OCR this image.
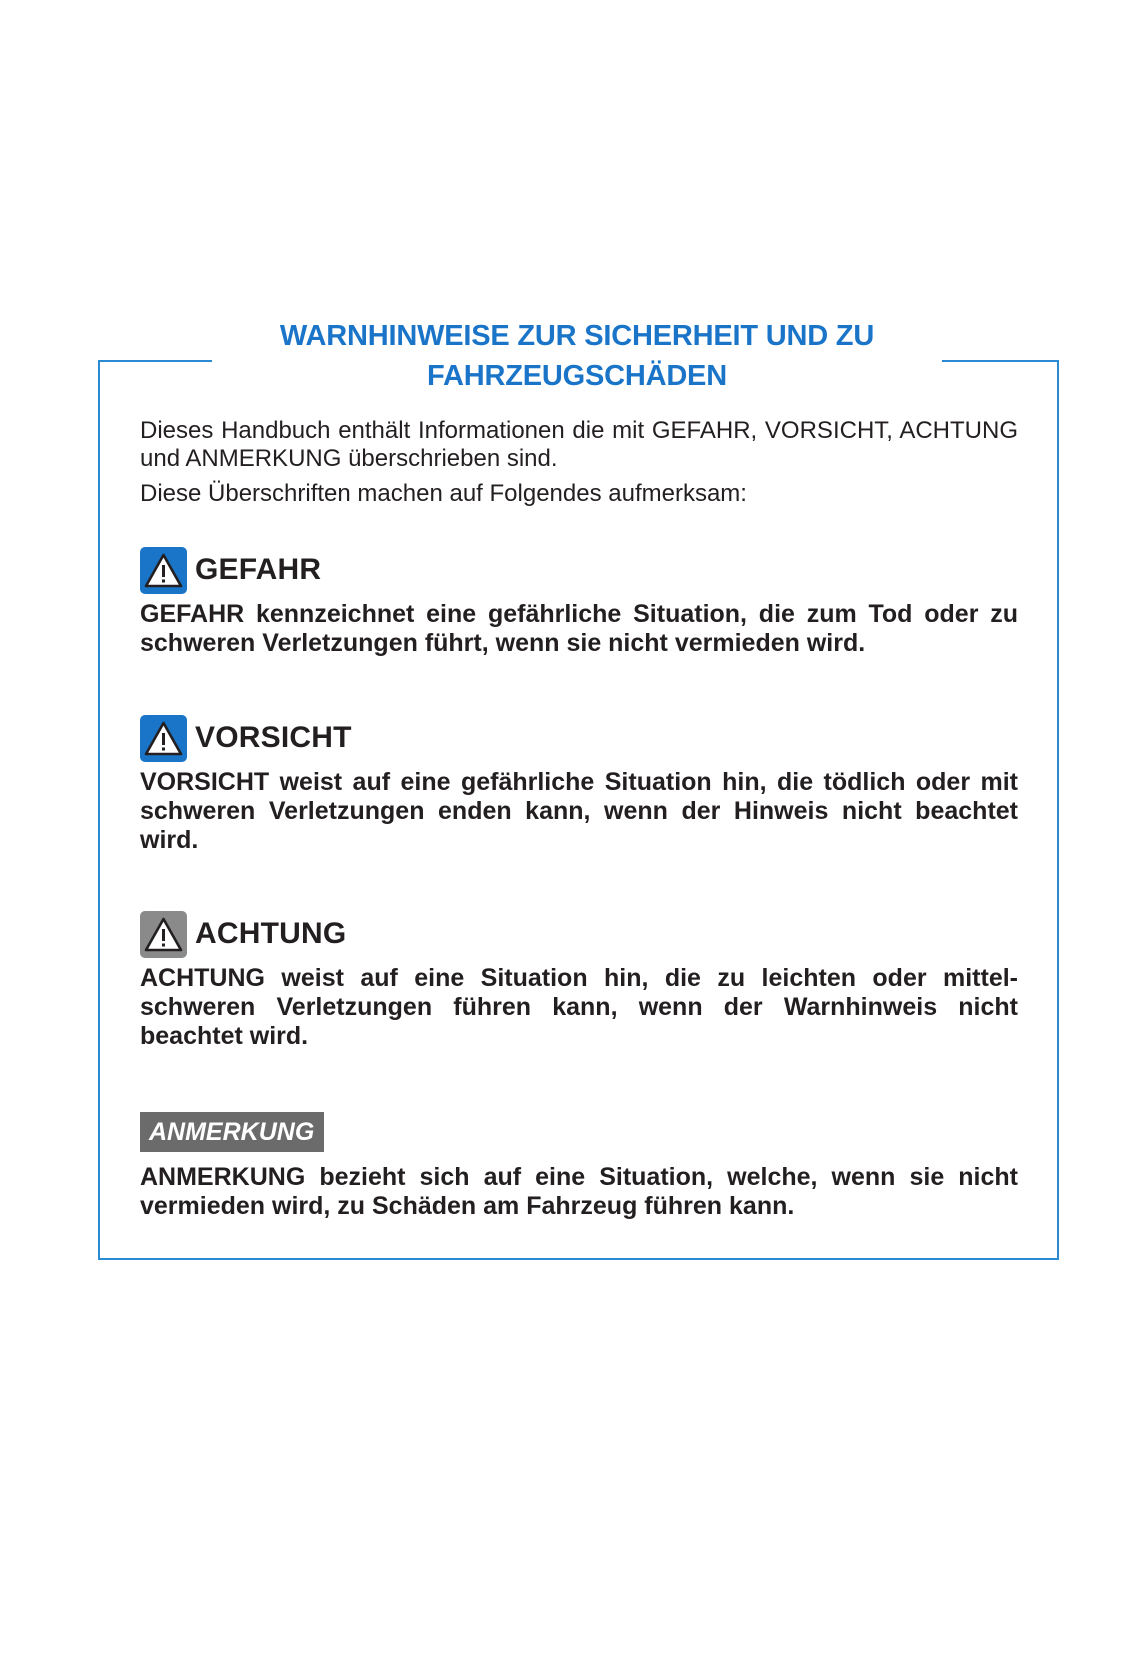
WARNHINWEISE ZUR SICHERHEIT UND ZU
FAHRZEUGSCHÄDEN

Dieses Handbuch enthält Informationen die mit GEFAHR, VORSICHT, ACHTUNG und ANMERKUNG überschrieben sind.

Diese Überschriften machen auf Folgendes aufmerksam:

GEFAHR

GEFAHR kennzeichnet eine gefährliche Situation, die zum Tod oder zu schweren Verletzungen führt, wenn sie nicht vermieden wird.

VORSICHT

VORSICHT weist auf eine gefährliche Situation hin, die tödlich oder mit schweren Verletzungen enden kann, wenn der Hinweis nicht beachtet wird.

ACHTUNG

ACHTUNG weist auf eine Situation hin, die zu leichten oder mittel-schweren Verletzungen führen kann, wenn der Warnhinweis nicht beachtet wird.

ANMERKUNG

ANMERKUNG bezieht sich auf eine Situation, welche, wenn sie nicht vermieden wird, zu Schäden am Fahrzeug führen kann.
